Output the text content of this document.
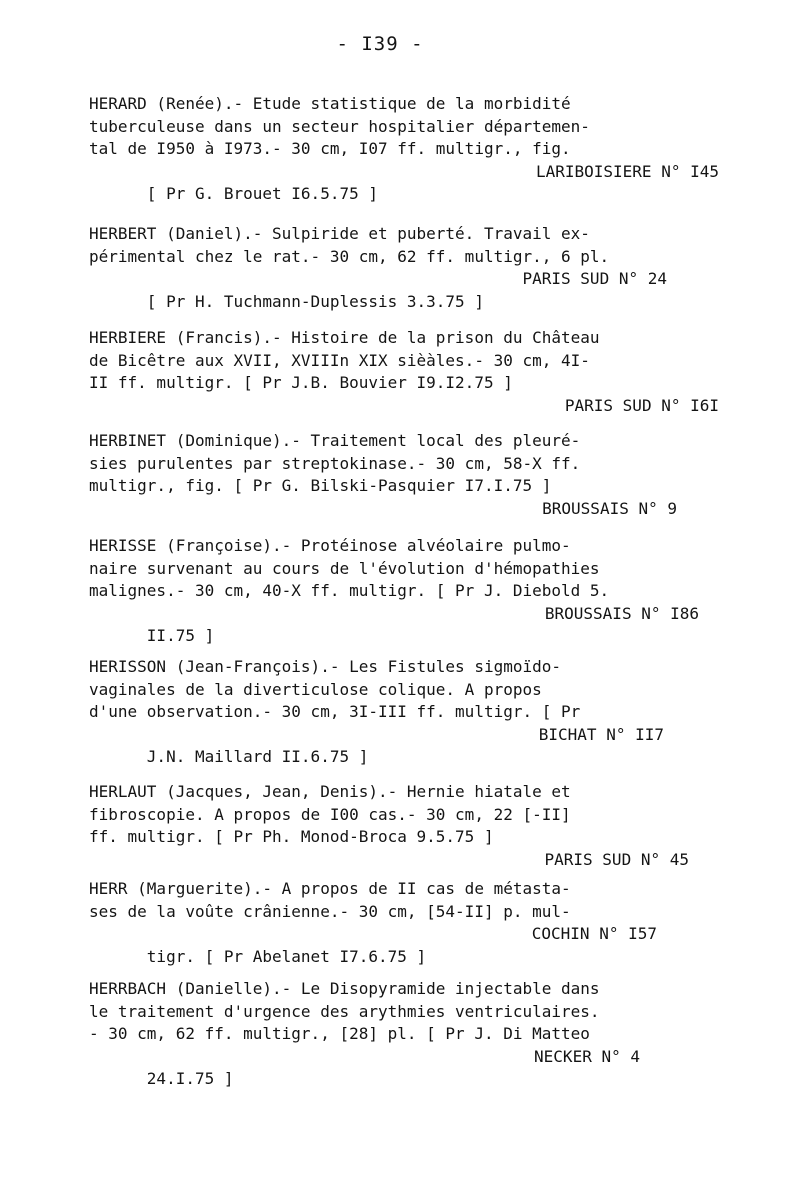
- I39 -
HERARD (Renée).- Etude statistique de la morbidité
tuberculeuse dans un secteur hospitalier départemen-
tal de I950 à I973.- 30 cm, I07 ff. multigr., fig.

[ Pr G. Brouet I6.5.75 ]

LARIBOISIERE N° I45

HERBERT (Daniel).- Sulpiride et puberté. Travail ex-
périmental chez le rat.- 30 cm, 62 ff. multigr., 6 pl.

[ Pr H. Tuchmann-Duplessis 3.3.75 ]

PARIS SUD N° 24

HERBIERE (Francis).- Histoire de la prison du Château
de Bicêtre aux XVII, XVIIIn XIX sièàles.- 30 cm, 4I-
II ff. multigr. [ Pr J.B. Bouvier I9.I2.75 ]

PARIS SUD N° I6I

HERBINET (Dominique).- Traitement local des pleuré-
sies purulentes par streptokinase.- 30 cm, 58-X ff.
multigr., fig. [ Pr G. Bilski-Pasquier I7.I.75 ]

BROUSSAIS N° 9

HERISSE (Françoise).- Protéinose alvéolaire pulmo-
naire survenant au cours de l'évolution d'hémopathies
malignes.- 30 cm, 40-X ff. multigr. [ Pr J. Diebold 5.

II.75 ]

BROUSSAIS N° I86

HERISSON (Jean-François).- Les Fistules sigmoïdo-
vaginales de la diverticulose colique. A propos
d'une observation.- 30 cm, 3I-III ff. multigr. [ Pr

J.N. Maillard II.6.75 ]

BICHAT N° II7

HERLAUT (Jacques, Jean, Denis).- Hernie hiatale et
fibroscopie. A propos de I00 cas.- 30 cm, 22 [-II]
ff. multigr. [ Pr Ph. Monod-Broca 9.5.75 ]

PARIS SUD N° 45

HERR (Marguerite).- A propos de II cas de métasta-
ses de la voûte crânienne.- 30 cm, [54-II] p. mul-

tigr. [ Pr Abelanet I7.6.75 ]

COCHIN N° I57

HERRBACH (Danielle).- Le Disopyramide injectable dans
le traitement d'urgence des arythmies ventriculaires.
- 30 cm, 62 ff. multigr., [28] pl. [ Pr J. Di Matteo

24.I.75 ]

NECKER N° 4
